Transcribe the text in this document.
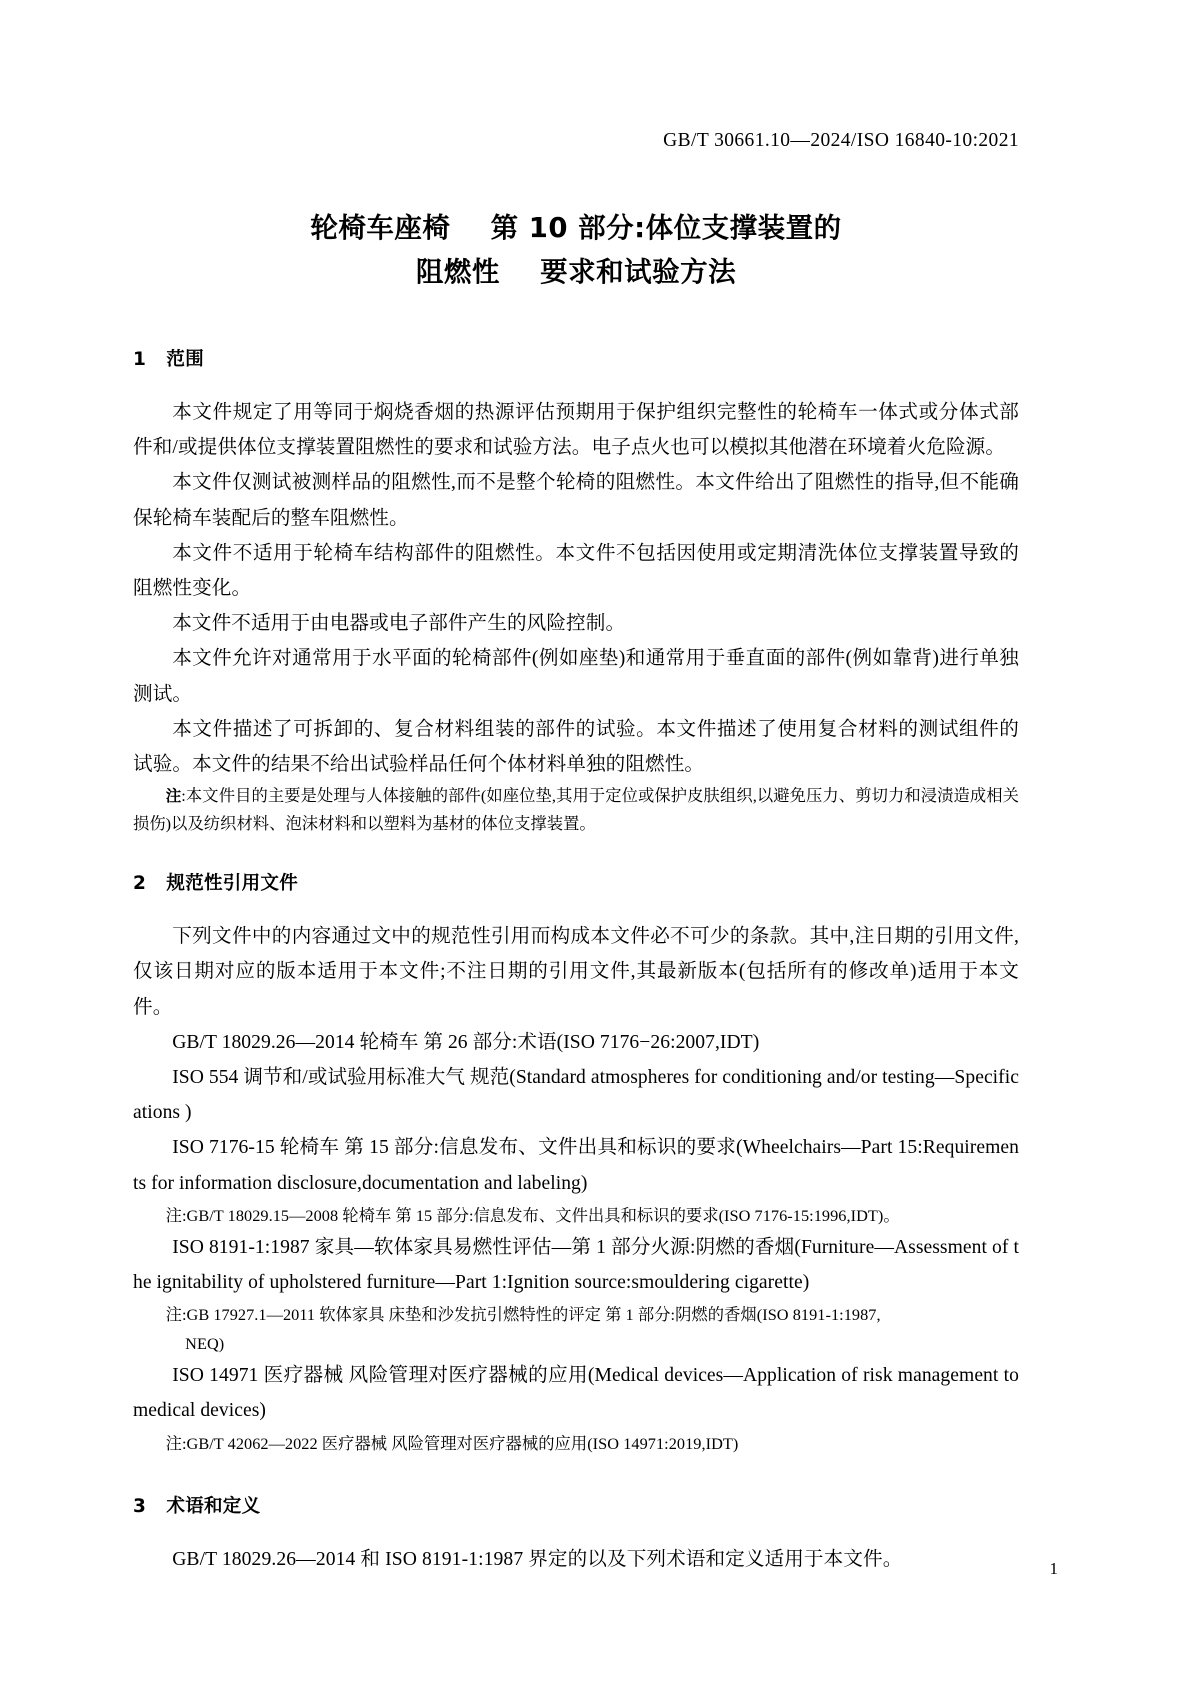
GB/T 30661.10—2024/ISO 16840-10:2021
轮椅车座椅    第 10 部分:体位支撑装置的
阻燃性    要求和试验方法
1   范围

本文件规定了用等同于焖烧香烟的热源评估预期用于保护组织完整性的轮椅车一体式或分体式部件和/或提供体位支撑装置阻燃性的要求和试验方法。电子点火也可以模拟其他潜在环境着火危险源。

本文件仅测试被测样品的阻燃性,而不是整个轮椅的阻燃性。本文件给出了阻燃性的指导,但不能确保轮椅车装配后的整车阻燃性。

本文件不适用于轮椅车结构部件的阻燃性。本文件不包括因使用或定期清洗体位支撑装置导致的阻燃性变化。

本文件不适用于由电器或电子部件产生的风险控制。

本文件允许对通常用于水平面的轮椅部件(例如座垫)和通常用于垂直面的部件(例如靠背)进行单独测试。

本文件描述了可拆卸的、复合材料组装的部件的试验。本文件描述了使用复合材料的测试组件的试验。本文件的结果不给出试验样品任何个体材料单独的阻燃性。

注:本文件目的主要是处理与人体接触的部件(如座位垫,其用于定位或保护皮肤组织,以避免压力、剪切力和浸渍造成相关损伤)以及纺织材料、泡沫材料和以塑料为基材的体位支撑装置。

2   规范性引用文件

下列文件中的内容通过文中的规范性引用而构成本文件必不可少的条款。其中,注日期的引用文件,仅该日期对应的版本适用于本文件;不注日期的引用文件,其最新版本(包括所有的修改单)适用于本文件。

GB/T 18029.26—2014 轮椅车 第 26 部分:术语(ISO 7176−26:2007,IDT)

ISO 554 调节和/或试验用标准大气 规范(Standard atmospheres for conditioning and/or testing—Specifications )

ISO 7176-15 轮椅车 第 15 部分:信息发布、文件出具和标识的要求(Wheelchairs—Part 15:Requirements for information disclosure,documentation and labeling)

注:GB/T 18029.15—2008 轮椅车 第 15 部分:信息发布、文件出具和标识的要求(ISO 7176-15:1996,IDT)。

ISO 8191-1:1987 家具—软体家具易燃性评估—第 1 部分火源:阴燃的香烟(Furniture—Assessment of the ignitability of upholstered furniture—Part 1:Ignition source:smouldering cigarette)

注:GB 17927.1—2011 软体家具 床垫和沙发抗引燃特性的评定 第 1 部分:阴燃的香烟(ISO 8191-1:1987,

NEQ)

ISO 14971 医疗器械 风险管理对医疗器械的应用(Medical devices—Application of risk management to medical devices)

注:GB/T 42062—2022 医疗器械 风险管理对医疗器械的应用(ISO 14971:2019,IDT)

3   术语和定义

GB/T 18029.26—2014 和 ISO 8191-1:1987 界定的以及下列术语和定义适用于本文件。	1
